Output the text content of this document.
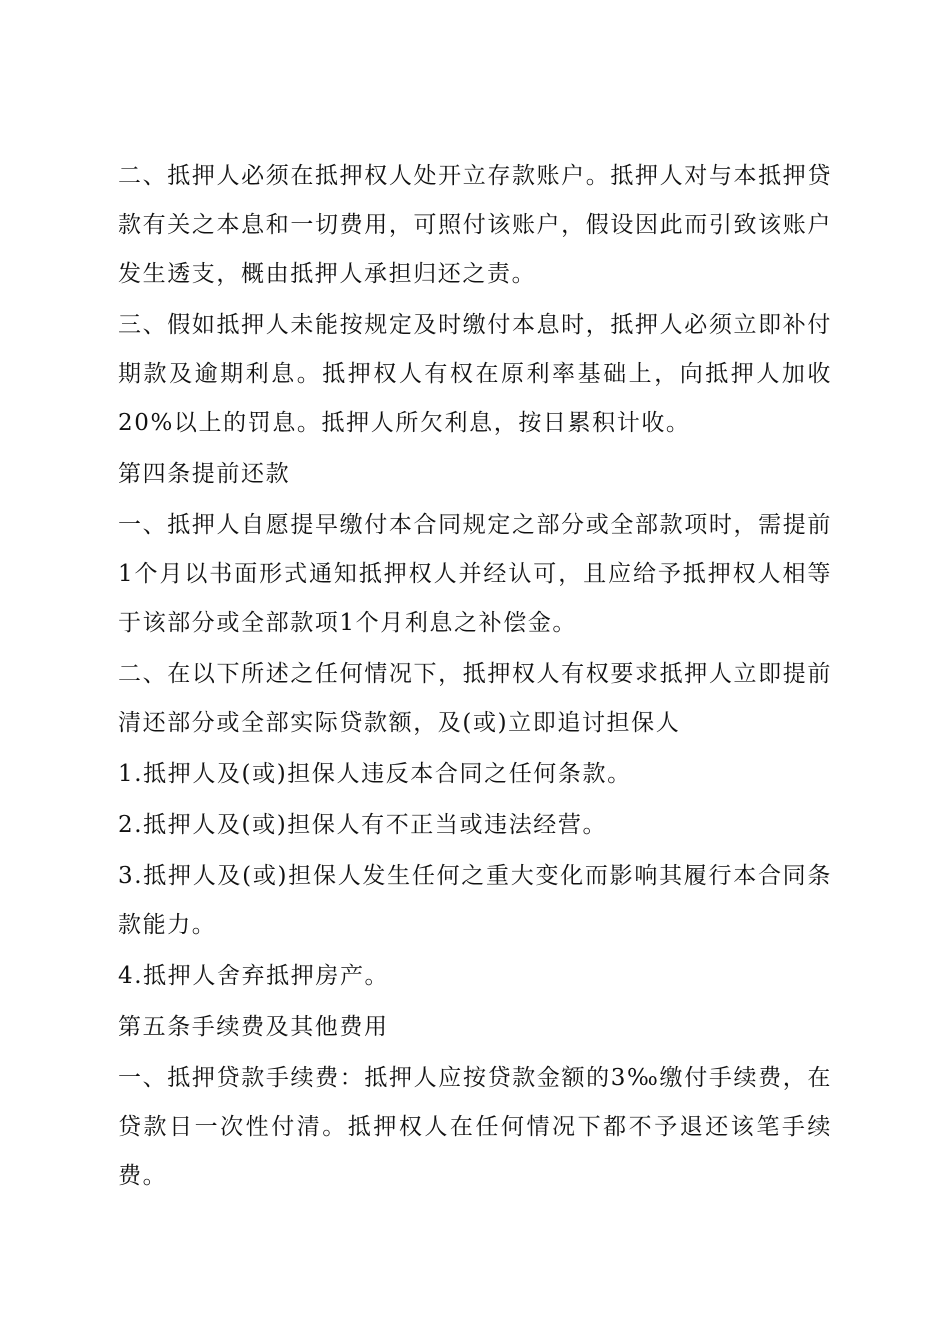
二、抵押人必须在抵押权人处开立存款账户。抵押人对与本抵押贷款有关之本息和一切费用，可照付该账户，假设因此而引致该账户发生透支，概由抵押人承担归还之责。

三、假如抵押人未能按规定及时缴付本息时，抵押人必须立即补付期款及逾期利息。抵押权人有权在原利率基础上，向抵押人加收20%以上的罚息。抵押人所欠利息，按日累积计收。

第四条提前还款

一、抵押人自愿提早缴付本合同规定之部分或全部款项时，需提前1个月以书面形式通知抵押权人并经认可，且应给予抵押权人相等于该部分或全部款项1个月利息之补偿金。

二、在以下所述之任何情况下，抵押权人有权要求抵押人立即提前清还部分或全部实际贷款额，及(或)立即追讨担保人

1.抵押人及(或)担保人违反本合同之任何条款。

2.抵押人及(或)担保人有不正当或违法经营。

3.抵押人及(或)担保人发生任何之重大变化而影响其履行本合同条款能力。

4.抵押人舍弃抵押房产。

第五条手续费及其他费用

一、抵押贷款手续费：抵押人应按贷款金额的3‰缴付手续费，在贷款日一次性付清。抵押权人在任何情况下都不予退还该笔手续费。
